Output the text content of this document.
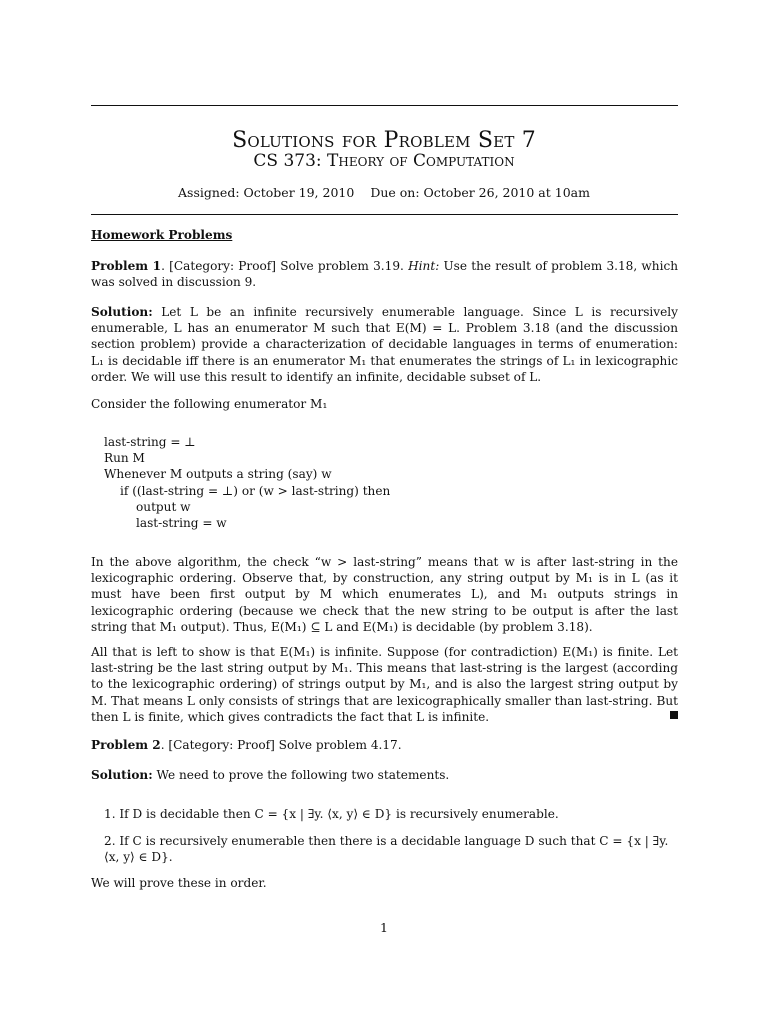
Solutions for Problem Set 7
CS 373: Theory of Computation
Assigned: October 19, 2010 Due on: October 26, 2010 at 10am
Homework Problems
Problem 1. [Category: Proof] Solve problem 3.19. Hint: Use the result of problem 3.18, which was solved in discussion 9.
Solution: Let L be an infinite recursively enumerable language. Since L is recursively enumerable, L has an enumerator M such that E(M) = L. Problem 3.18 (and the discussion section problem) provide a characterization of decidable languages in terms of enumeration: L₁ is decidable iff there is an enumerator M₁ that enumerates the strings of L₁ in lexicographic order. We will use this result to identify an infinite, decidable subset of L.
Consider the following enumerator M₁
last-string = ⊥
Run M
Whenever M outputs a string (say) w
if ((last-string = ⊥) or (w > last-string) then
output w
last-string = w
In the above algorithm, the check “w > last-string” means that w is after last-string in the lexicographic ordering. Observe that, by construction, any string output by M₁ is in L (as it must have been first output by M which enumerates L), and M₁ outputs strings in lexicographic ordering (because we check that the new string to be output is after the last string that M₁ output). Thus, E(M₁) ⊆ L and E(M₁) is decidable (by problem 3.18).
All that is left to show is that E(M₁) is infinite. Suppose (for contradiction) E(M₁) is finite. Let last-string be the last string output by M₁. This means that last-string is the largest (according to the lexicographic ordering) of strings output by M₁, and is also the largest string output by M. That means L only consists of strings that are lexicographically smaller than last-string. But then L is finite, which gives contradicts the fact that L is infinite.
Problem 2. [Category: Proof] Solve problem 4.17.
Solution: We need to prove the following two statements.
1. If D is decidable then C = {x | ∃y. ⟨x, y⟩ ∈ D} is recursively enumerable.
2. If C is recursively enumerable then there is a decidable language D such that C = {x | ∃y. ⟨x, y⟩ ∈ D}.
We will prove these in order.
1
